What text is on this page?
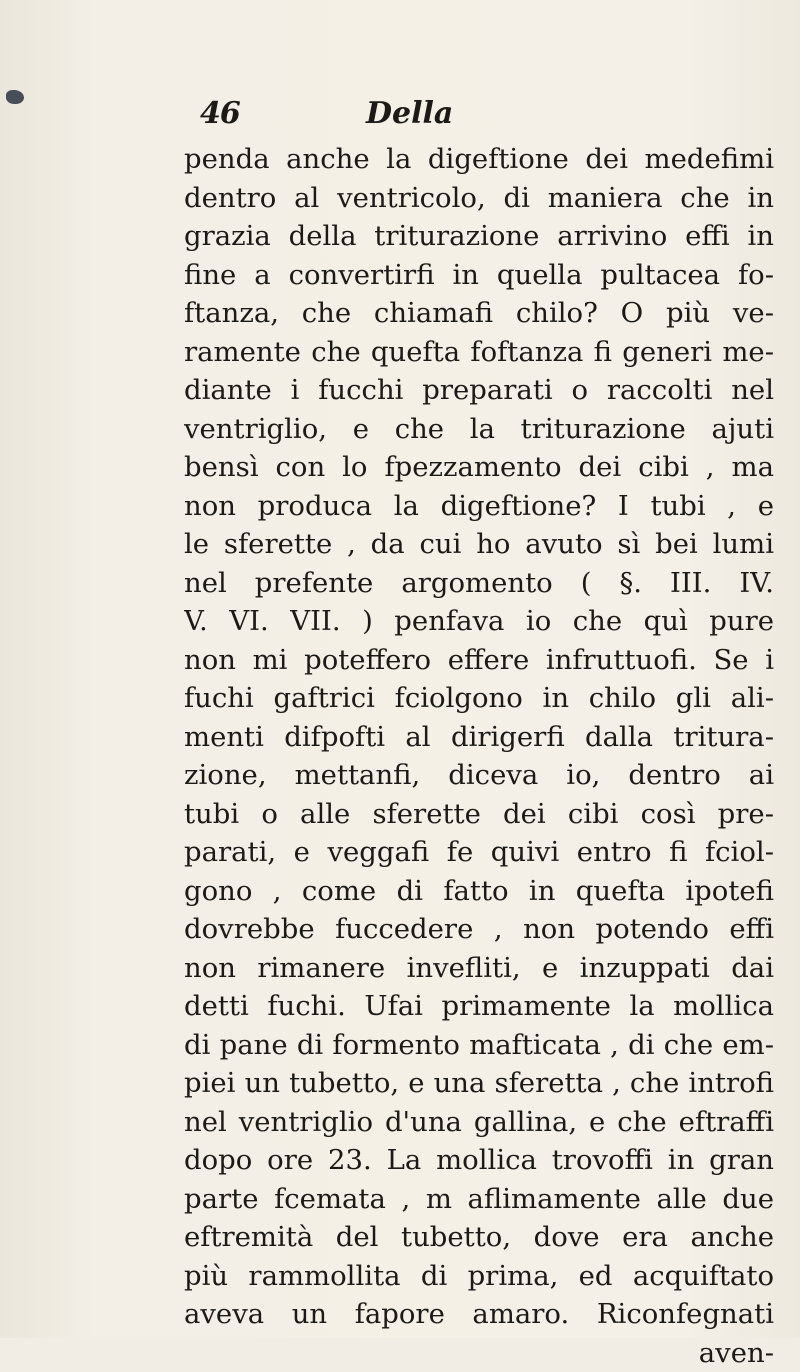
46	Della
penda anche la digeftione dei medefimi
dentro al ventricolo, di maniera che in
grazia della triturazione arrivino effi in
fine a convertirfi in quella pultacea fo-
ftanza, che chiamafi chilo? O più ve-
ramente che quefta foftanza fi generi me-
diante i fucchi preparati o raccolti nel
ventriglio, e che la triturazione ajuti
bensì con lo fpezzamento dei cibi , ma
non produca la digeftione? I tubi , e
le sferette , da cui ho avuto sì bei lumi
nel prefente argomento ( §. III. IV.
V. VI. VII. ) penfava io che quì pure
non mi poteffero effere infruttuofi. Se i
fuchi gaftrici fciolgono in chilo gli ali-
menti difpofti al dirigerfi dalla tritura-
zione, mettanfi, diceva io, dentro ai
tubi o alle sferette dei cibi così pre-
parati, e veggafi fe quivi entro fi fciol-
gono , come di fatto in quefta ipotefi
dovrebbe fuccedere , non potendo effi
non rimanere invefliti, e inzuppati dai
detti fuchi. Ufai primamente la mollica
di pane di formento mafticata , di che em-
piei un tubetto, e una sferetta , che introfi
nel ventriglio d'una gallina, e che eftraffi
dopo ore 23. La mollica trovoffi in gran
parte fcemata , m aflimamente alle due
eftremità del tubetto, dove era anche
più rammollita di prima, ed acquiftato
aveva un fapore amaro. Riconfegnati
aven-
